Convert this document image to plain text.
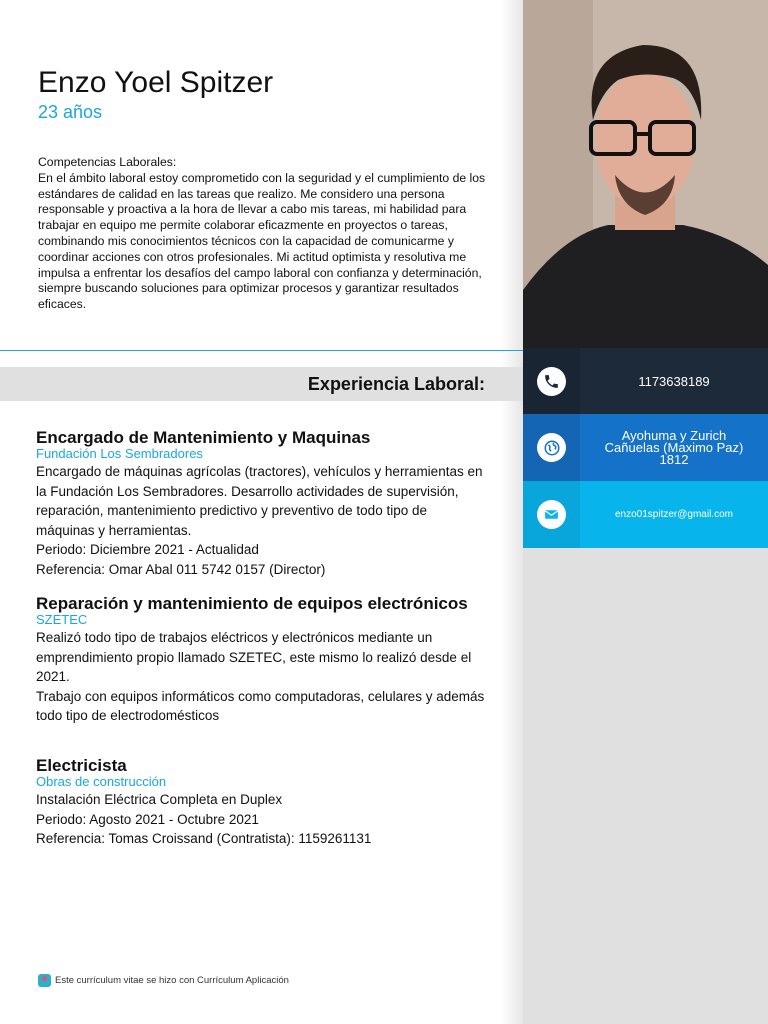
1173638189
Ayohuma y Zurich
Cañuelas (Maximo Paz)
1812
enzo01spitzer@gmail.com
Enzo Yoel Spitzer
23 años
Competencias Laborales:
En el ámbito laboral estoy comprometido con la seguridad y el cumplimiento de los estándares de calidad en las tareas que realizo. Me considero una persona responsable y proactiva a la hora de llevar a cabo mis tareas, mi habilidad para trabajar en equipo me permite colaborar eficazmente en proyectos o tareas, combinando mis conocimientos técnicos con la capacidad de comunicarme y coordinar acciones con otros profesionales. Mi actitud optimista y resolutiva me impulsa a enfrentar los desafíos del campo laboral con confianza y determinación, siempre buscando soluciones para optimizar procesos y garantizar resultados eficaces.
Experiencia Laboral:
Encargado de Mantenimiento y Maquinas
Fundación Los Sembradores
Encargado de máquinas agrícolas (tractores), vehículos y herramientas en la Fundación Los Sembradores. Desarrollo actividades de supervisión, reparación, mantenimiento predictivo y preventivo de todo tipo de máquinas y herramientas.
Periodo: Diciembre 2021 - Actualidad
Referencia: Omar Abal 011 5742 0157 (Director)
Reparación y mantenimiento de equipos electrónicos
SZETEC
Realizó todo tipo de trabajos eléctricos y electrónicos mediante un emprendimiento propio llamado SZETEC, este mismo lo realizó desde el 2021.
Trabajo con equipos informáticos como computadoras, celulares y además todo tipo de electrodomésticos
Electricista
Obras de construcción
Instalación Eléctrica Completa en Duplex
Periodo: Agosto 2021 - Octubre 2021
Referencia: Tomas Croissand (Contratista): 1159261131
Este currículum vitae se hizo con Currículum Aplicación
